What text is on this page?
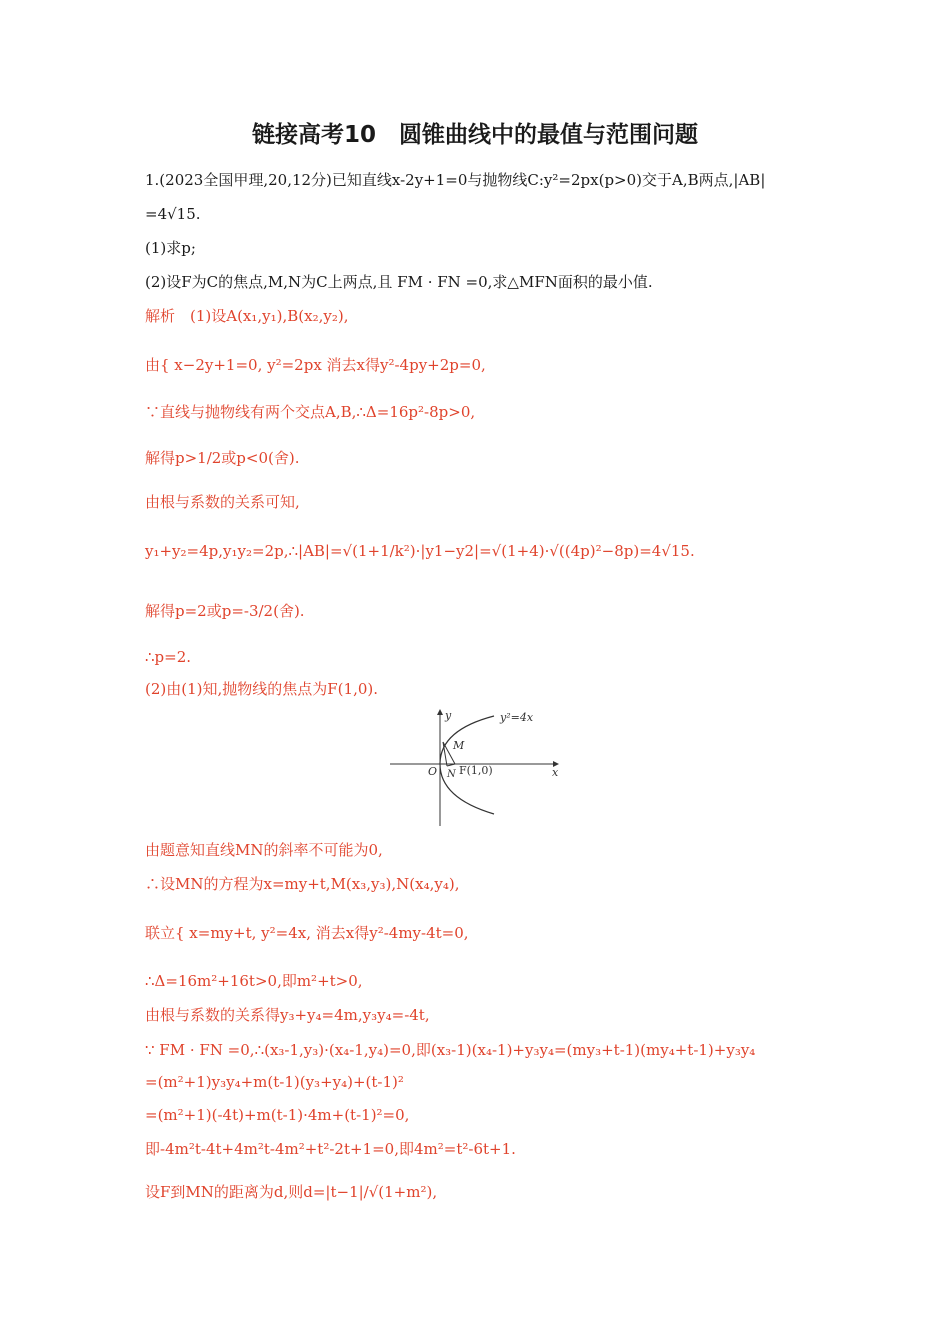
链接高考10　圆锥曲线中的最值与范围问题
1.(2023全国甲理,20,12分)已知直线x-2y+1=0与抛物线C:y²=2px(p>0)交于A,B两点,|AB|
=4√15.
(1)求p;
(2)设F为C的焦点,M,N为C上两点,且 FM · FN =0,求△MFN面积的最小值.
解析　(1)设A(x₁,y₁),B(x₂,y₂),
由{ x−2y+1=0, y²=2px 消去x得y²-4py+2p=0,
∵直线与抛物线有两个交点A,B,∴Δ=16p²-8p>0,
解得p>1/2或p<0(舍).
由根与系数的关系可知,
y₁+y₂=4p,y₁y₂=2p,∴|AB|=√(1+1/k²)·|y1−y2|=√(1+4)·√((4p)²−8p)=4√15.
解得p=2或p=-3/2(舍).
∴p=2.
(2)由(1)知,抛物线的焦点为F(1,0).
y²=4x
x
y
O
M
N F(1,0)
由题意知直线MN的斜率不可能为0,
∴设MN的方程为x=my+t,M(x₃,y₃),N(x₄,y₄),
联立{ x=my+t, y²=4x, 消去x得y²-4my-4t=0,
∴Δ=16m²+16t>0,即m²+t>0,
由根与系数的关系得y₃+y₄=4m,y₃y₄=-4t,
∵ FM · FN =0,∴(x₃-1,y₃)·(x₄-1,y₄)=0,即(x₃-1)(x₄-1)+y₃y₄=(my₃+t-1)(my₄+t-1)+y₃y₄
=(m²+1)y₃y₄+m(t-1)(y₃+y₄)+(t-1)²
=(m²+1)(-4t)+m(t-1)·4m+(t-1)²=0,
即-4m²t-4t+4m²t-4m²+t²-2t+1=0,即4m²=t²-6t+1.
设F到MN的距离为d,则d=|t−1|/√(1+m²),
